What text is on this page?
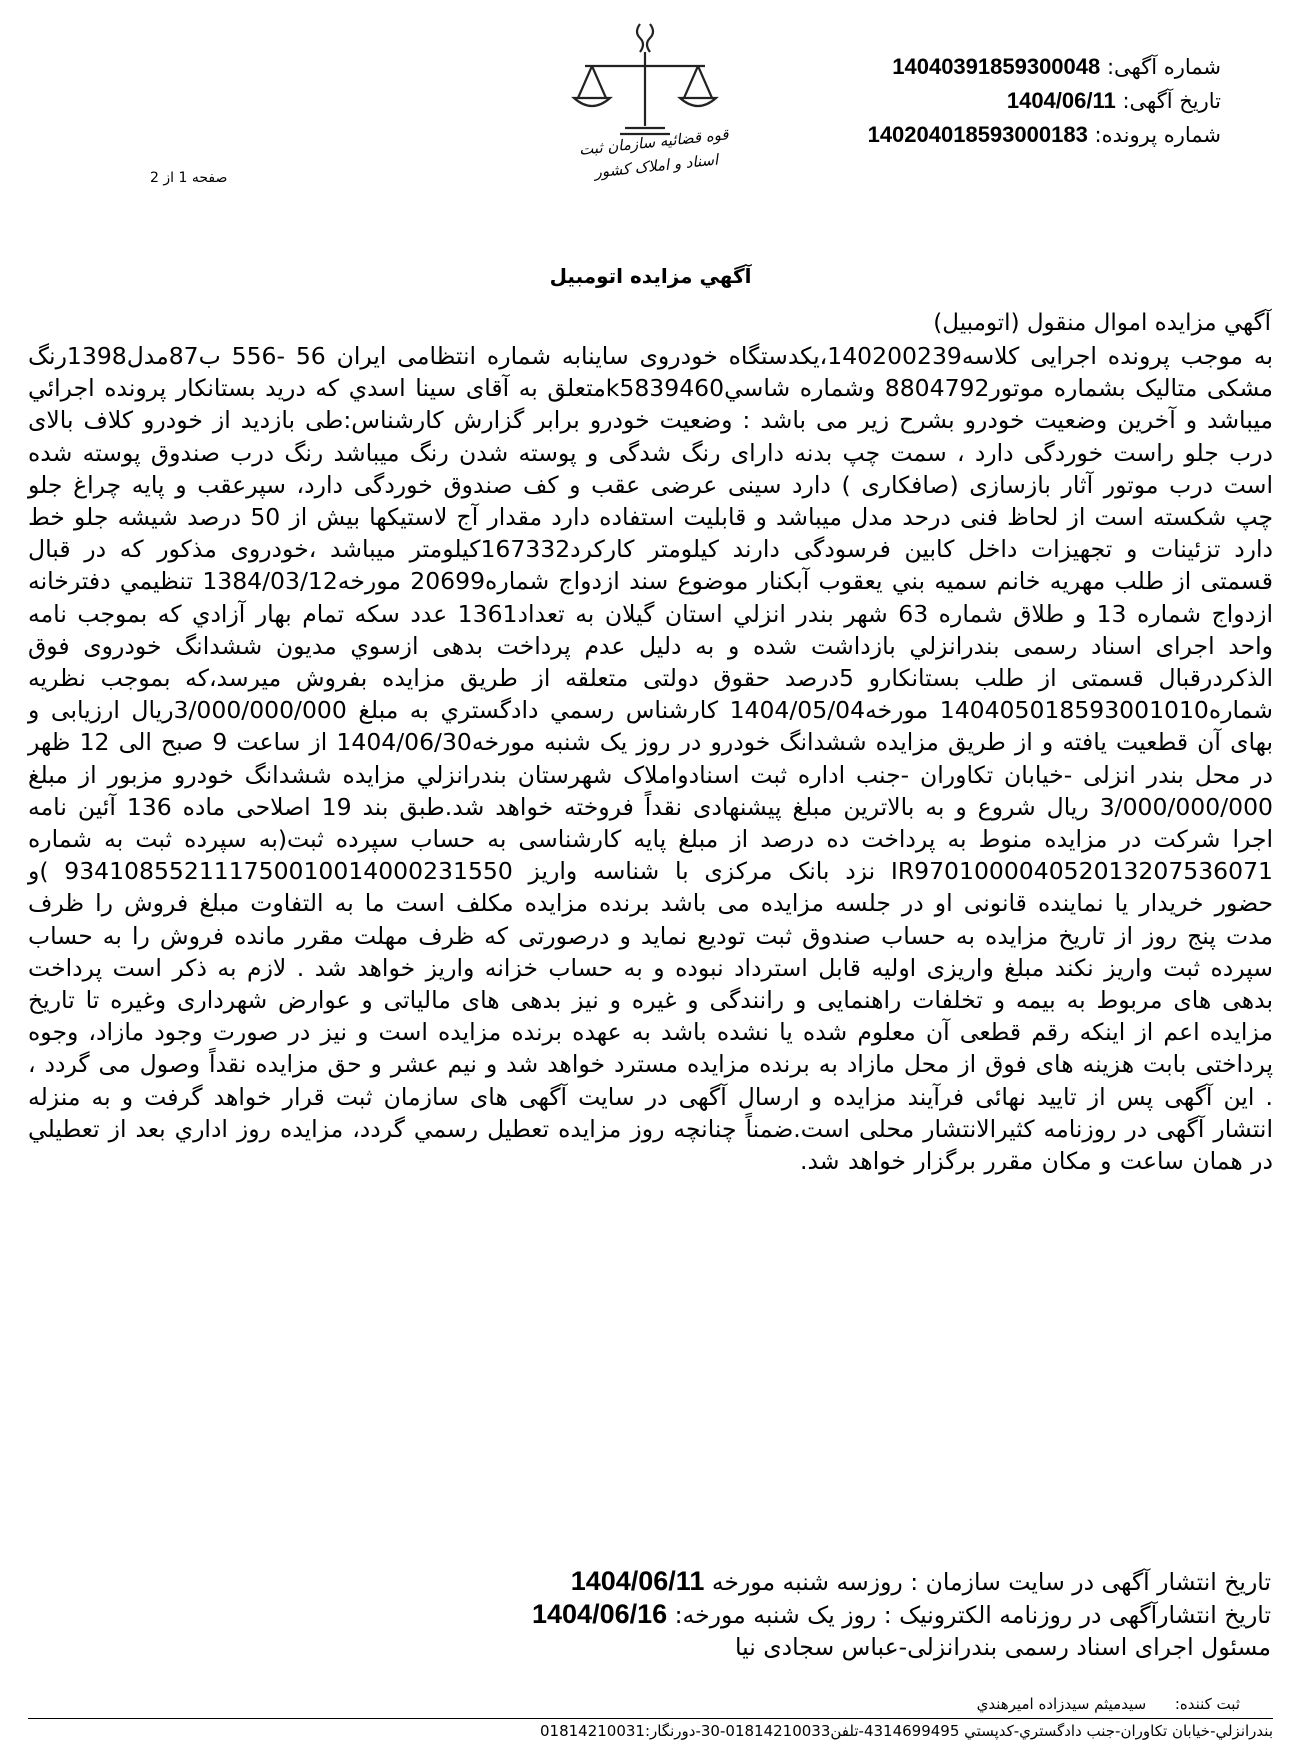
شماره آگهی: 14040391859300048
تاريخ آگهی: 1404/06/11
شماره پرونده: 140204018593000183
قوه قضائیه سازمان ثبت اسناد و املاک کشور
صفحه 1 از 2
آگهي مزايده اتومبيل
آگهي مزايده اموال منقول (اتومبيل)
به موجب پرونده اجرايی کلاسه140200239،يکدستگاه خودروی ساينابه شماره انتظامی ايران 56 -556 ب87مدل1398رنگ مشکی متاليک بشماره موتور8804792 وشماره شاسيk5839460متعلق به آقای سينا اسدي که دريد بستانکار پرونده اجرائي ميباشد و آخرين وضعيت خودرو بشرح زير می باشد : وضعيت خودرو برابر گزارش کارشناس:طی بازديد از خودرو کلاف بالای درب جلو راست خوردگی دارد ، سمت چپ بدنه دارای رنگ شدگی و پوسته شدن رنگ ميباشد رنگ درب صندوق پوسته شده است درب موتور آثار بازسازی (صافکاری ) دارد سينی عرضی عقب و کف صندوق خوردگی دارد، سپرعقب و پايه چراغ جلو چپ شکسته است از لحاظ فنی درحد مدل ميباشد و قابليت استفاده دارد مقدار آج لاستيکها بيش از 50 درصد شيشه جلو خط دارد تزئينات و تجهيزات داخل کابين فرسودگی دارند کيلومتر کارکرد167332کيلومتر ميباشد ،خودروی مذکور که در قبال قسمتی از طلب مهريه خانم سميه بني يعقوب آبکنار موضوع سند ازدواج شماره20699 مورخه1384/03/12 تنظيمي دفترخانه ازدواج شماره 13 و طلاق شماره 63 شهر بندر انزلي استان گيلان به تعداد1361 عدد سکه تمام بهار آزادي که بموجب نامه واحد اجرای اسناد رسمی بندرانزلي بازداشت شده و به دليل عدم پرداخت بدهی ازسوي مديون ششدانگ خودروی فوق الذکردرقبال قسمتی از طلب بستانکارو 5درصد حقوق دولتی متعلقه از طريق مزايده بفروش ميرسد،که بموجب نظريه شماره140405018593001010 مورخه1404/05/04 کارشناس رسمي دادگستري به مبلغ 3/000/000/000ريال ارزيابی و بهای آن قطعيت يافته و از طريق مزايده ششدانگ خودرو در روز يک شنبه مورخه1404/06/30 از ساعت 9 صبح الی 12 ظهر در محل بندر انزلی -خيابان تکاوران -جنب اداره ثبت اسنادواملاک شهرستان بندرانزلي مزايده ششدانگ خودرو مزبور از مبلغ 3/000/000/000 ريال شروع و به بالاترين مبلغ پيشنهادی نقداً فروخته خواهد شد.طبق بند 19 اصلاحی ماده 136 آئين نامه اجرا شرکت در مزايده منوط به پرداخت ده درصد از مبلغ پايه کارشناسی به حساب سپرده ثبت(به سپرده ثبت به شماره IR970100004052013207536071 نزد بانک مرکزی با شناسه واريز 934108552111750010014000231550 )و حضور خريدار يا نماينده قانونی او در جلسه مزايده می باشد برنده مزايده مکلف است ما به التفاوت مبلغ فروش را ظرف مدت پنج روز از تاريخ مزايده به حساب صندوق ثبت توديع نمايد و درصورتی که ظرف مهلت مقرر مانده فروش را به حساب سپرده ثبت واريز نکند مبلغ واريزی اوليه قابل استرداد نبوده و به حساب خزانه واريز خواهد شد . لازم به ذکر است پرداخت بدهی های مربوط به بيمه و تخلفات راهنمايی و رانندگی و غيره و نيز بدهی های مالياتی و عوارض شهرداری وغيره تا تاريخ مزايده اعم از اينکه رقم قطعی آن معلوم شده يا نشده باشد به عهده برنده مزايده است و نيز در صورت وجود مازاد، وجوه پرداختی بابت هزينه های فوق از محل مازاد به برنده مزايده مسترد خواهد شد و نيم عشر و حق مزايده نقداً وصول می گردد ، . اين آگهی پس از تاييد نهائی فرآيند مزايده و ارسال آگهی در سايت آگهی های سازمان ثبت قرار خواهد گرفت و به منزله انتشار آگهی در روزنامه کثيرالانتشار محلی است.ضمناً چنانچه روز مزايده تعطيل رسمي گردد، مزايده روز اداري بعد از تعطيلي در همان ساعت و مکان مقرر برگزار خواهد شد.
تاريخ انتشار آگهی در سايت سازمان : روزسه شنبه مورخه 1404/06/11
تاريخ انتشارآگهی در روزنامه الکترونيک : روز يک شنبه مورخه: 1404/06/16
مسئول اجرای اسناد رسمی بندرانزلی-عباس سجادی نيا
ثبت کننده:      سيدميثم سيدزاده اميرهندي
بندرانزلي-خيابان تکاوران-جنب دادگستري-کدپستي 4314699495-تلفن01814210033-30-دورنگار:01814210031
